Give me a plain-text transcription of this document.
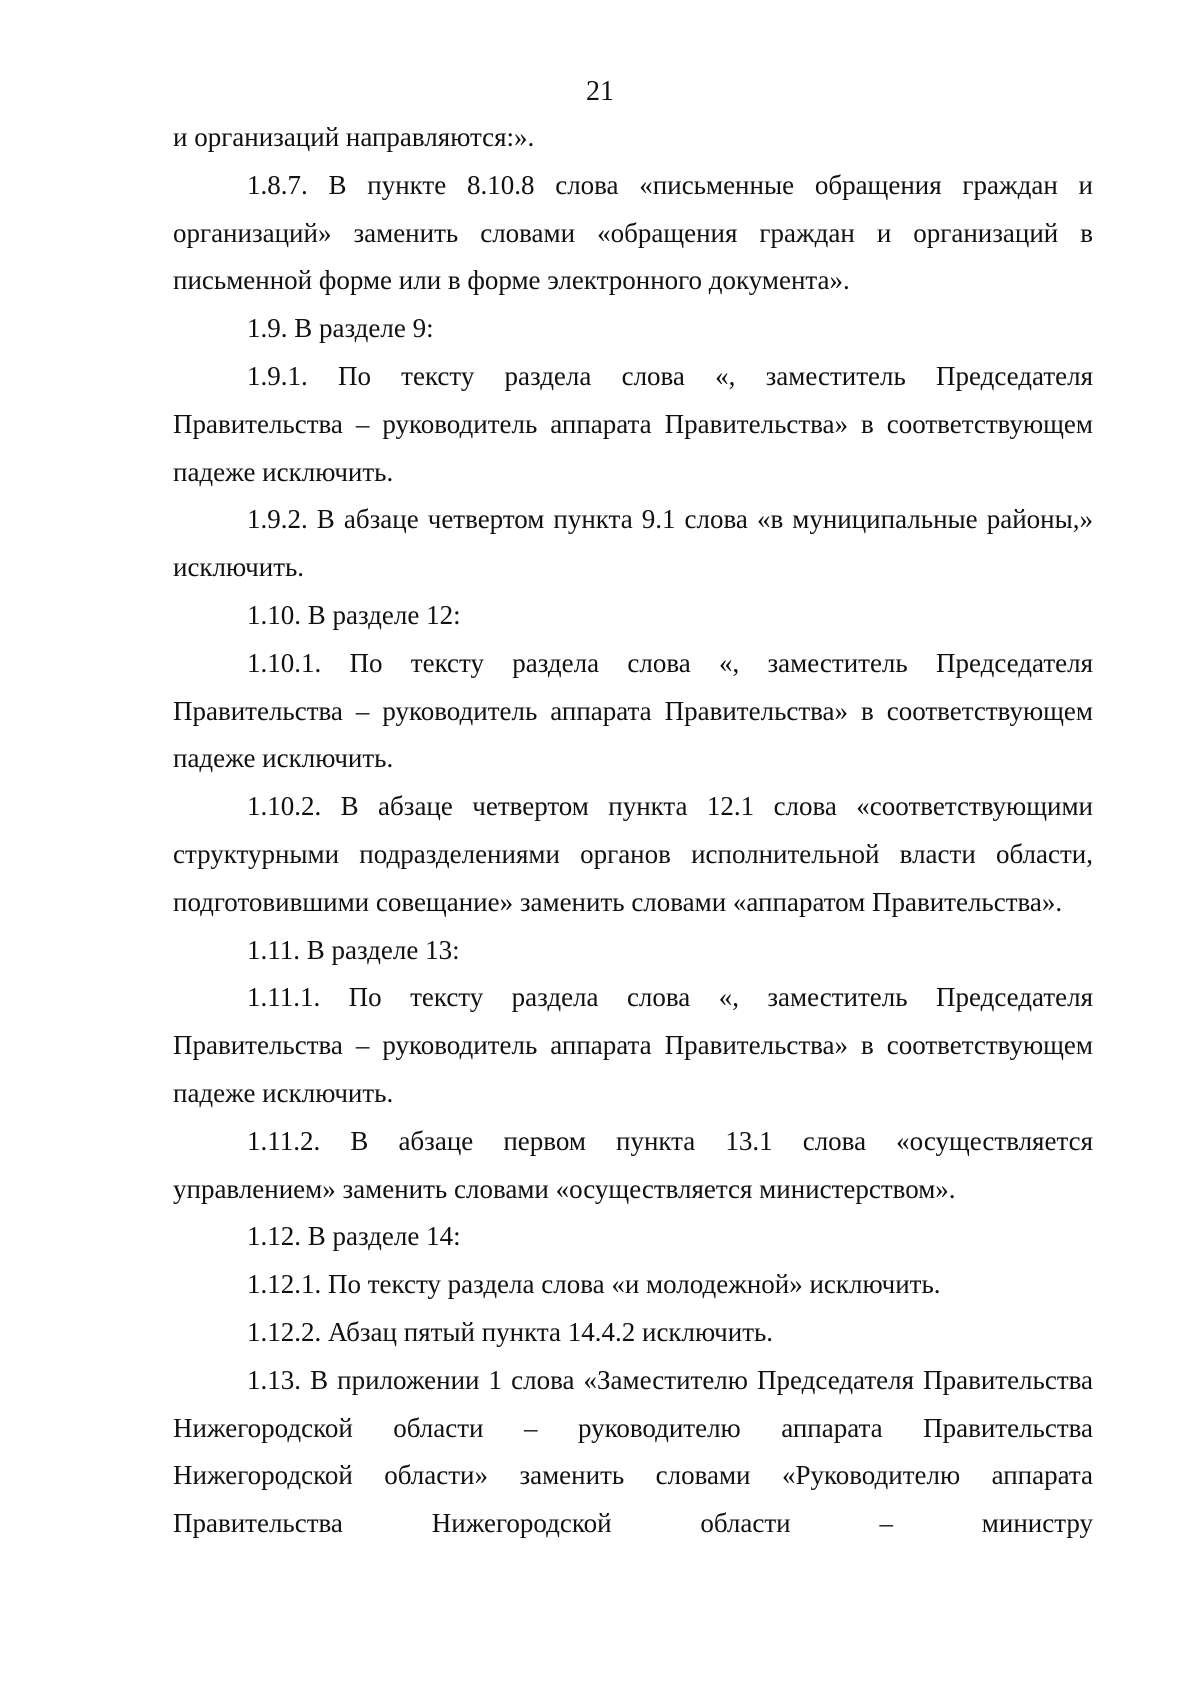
21

и организаций направляются:».

1.8.7. В пункте 8.10.8 слова «письменные обращения граждан и организаций» заменить словами «обращения граждан и организаций в письменной форме или в форме электронного документа».

1.9. В разделе 9:

1.9.1. По тексту раздела слова «, заместитель Председателя Правительства – руководитель аппарата Правительства» в соответствующем падеже исключить.

1.9.2. В абзаце четвертом пункта 9.1 слова «в муниципальные районы,» исключить.

1.10. В разделе 12:

1.10.1. По тексту раздела слова «, заместитель Председателя Правительства – руководитель аппарата Правительства» в соответствующем падеже исключить.

1.10.2. В абзаце четвертом пункта 12.1 слова «соответствующими структурными подразделениями органов исполнительной власти области, подготовившими совещание» заменить словами «аппаратом Правительства».

1.11. В разделе 13:

1.11.1. По тексту раздела слова «, заместитель Председателя Правительства – руководитель аппарата Правительства» в соответствующем падеже исключить.

1.11.2. В абзаце первом пункта 13.1 слова «осуществляется управлением» заменить словами «осуществляется министерством».

1.12. В разделе 14:

1.12.1. По тексту раздела слова «и молодежной» исключить.

1.12.2. Абзац пятый пункта 14.4.2 исключить.

1.13. В приложении 1 слова «Заместителю Председателя Правительства Нижегородской области – руководителю аппарата Правительства Нижегородской области» заменить словами «Руководителю аппарата Правительства Нижегородской области – министру
